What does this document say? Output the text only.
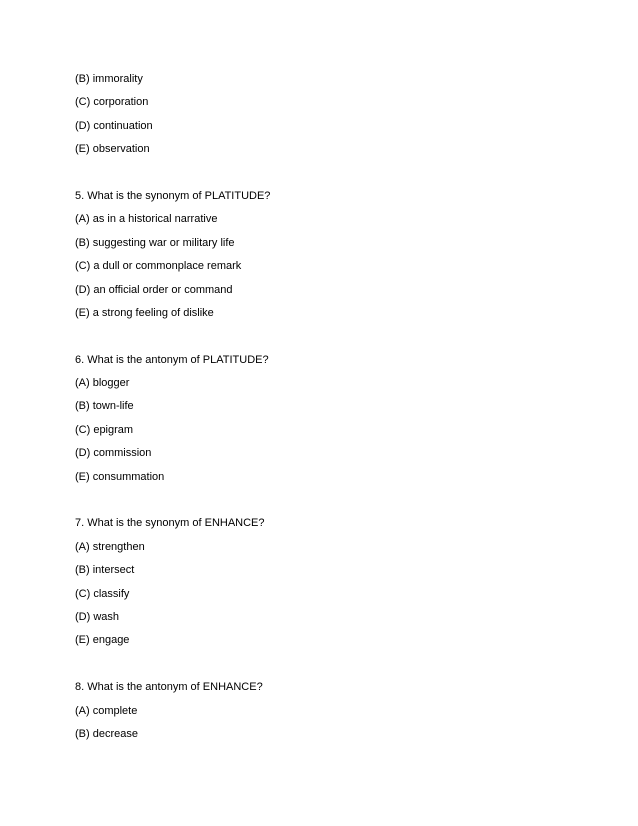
(B) immorality
(C) corporation
(D) continuation
(E) observation
5. What is the synonym of PLATITUDE?
(A) as in a historical narrative
(B) suggesting war or military life
(C) a dull or commonplace remark
(D) an official order or command
(E) a strong feeling of dislike
6. What is the antonym of PLATITUDE?
(A) blogger
(B) town-life
(C) epigram
(D) commission
(E) consummation
7. What is the synonym of ENHANCE?
(A) strengthen
(B) intersect
(C) classify
(D) wash
(E) engage
8. What is the antonym of ENHANCE?
(A) complete
(B) decrease
